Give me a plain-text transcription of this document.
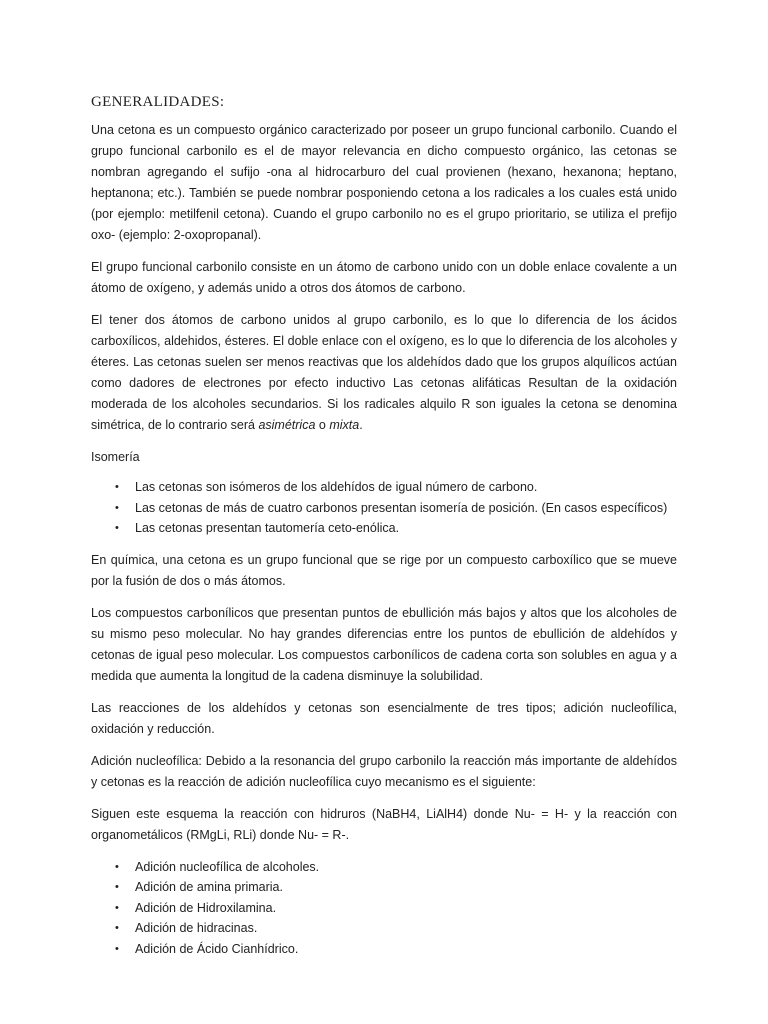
GENERALIDADES:

Una cetona es un compuesto orgánico caracterizado por poseer un grupo funcional carbonilo. Cuando el grupo funcional carbonilo es el de mayor relevancia en dicho compuesto orgánico, las cetonas se nombran agregando el sufijo -ona al hidrocarburo del cual provienen (hexano, hexanona; heptano, heptanona; etc.). También se puede nombrar posponiendo cetona a los radicales a los cuales está unido (por ejemplo: metilfenil cetona). Cuando el grupo carbonilo no es el grupo prioritario, se utiliza el prefijo oxo- (ejemplo: 2-oxopropanal).

El grupo funcional carbonilo consiste en un átomo de carbono unido con un doble enlace covalente a un átomo de oxígeno, y además unido a otros dos átomos de carbono.

El tener dos átomos de carbono unidos al grupo carbonilo, es lo que lo diferencia de los ácidos carboxílicos, aldehidos, ésteres. El doble enlace con el oxígeno, es lo que lo diferencia de los alcoholes y éteres. Las cetonas suelen ser menos reactivas que los aldehídos dado que los grupos alquílicos actúan como dadores de electrones por efecto inductivo Las cetonas alifáticas Resultan de la oxidación moderada de los alcoholes secundarios. Si los radicales alquilo R son iguales la cetona se denomina simétrica, de lo contrario será asimétrica o mixta.

Isomería
• Las cetonas son isómeros de los aldehídos de igual número de carbono.
• Las cetonas de más de cuatro carbonos presentan isomería de posición. (En casos específicos)
• Las cetonas presentan tautomería ceto-enólica.

En química, una cetona es un grupo funcional que se rige por un compuesto carboxílico que se mueve por la fusión de dos o más átomos.

Los compuestos carbonílicos que presentan puntos de ebullición más bajos y altos que los alcoholes de su mismo peso molecular. No hay grandes diferencias entre los puntos de ebullición de aldehídos y cetonas de igual peso molecular. Los compuestos carbonílicos de cadena corta son solubles en agua y a medida que aumenta la longitud de la cadena disminuye la solubilidad.

Las reacciones de los aldehídos y cetonas son esencialmente de tres tipos; adición nucleofílica, oxidación y reducción.

Adición nucleofílica: Debido a la resonancia del grupo carbonilo la reacción más importante de aldehídos y cetonas es la reacción de adición nucleofílica cuyo mecanismo es el siguiente:

Siguen este esquema la reacción con hidruros (NaBH4, LiAlH4) donde Nu- = H- y la reacción con organometálicos (RMgLi, RLi) donde Nu- = R-.

• Adición nucleofílica de alcoholes.
• Adición de amina primaria.
• Adición de Hidroxilamina.
• Adición de hidracinas.
• Adición de Ácido Cianhídrico.
